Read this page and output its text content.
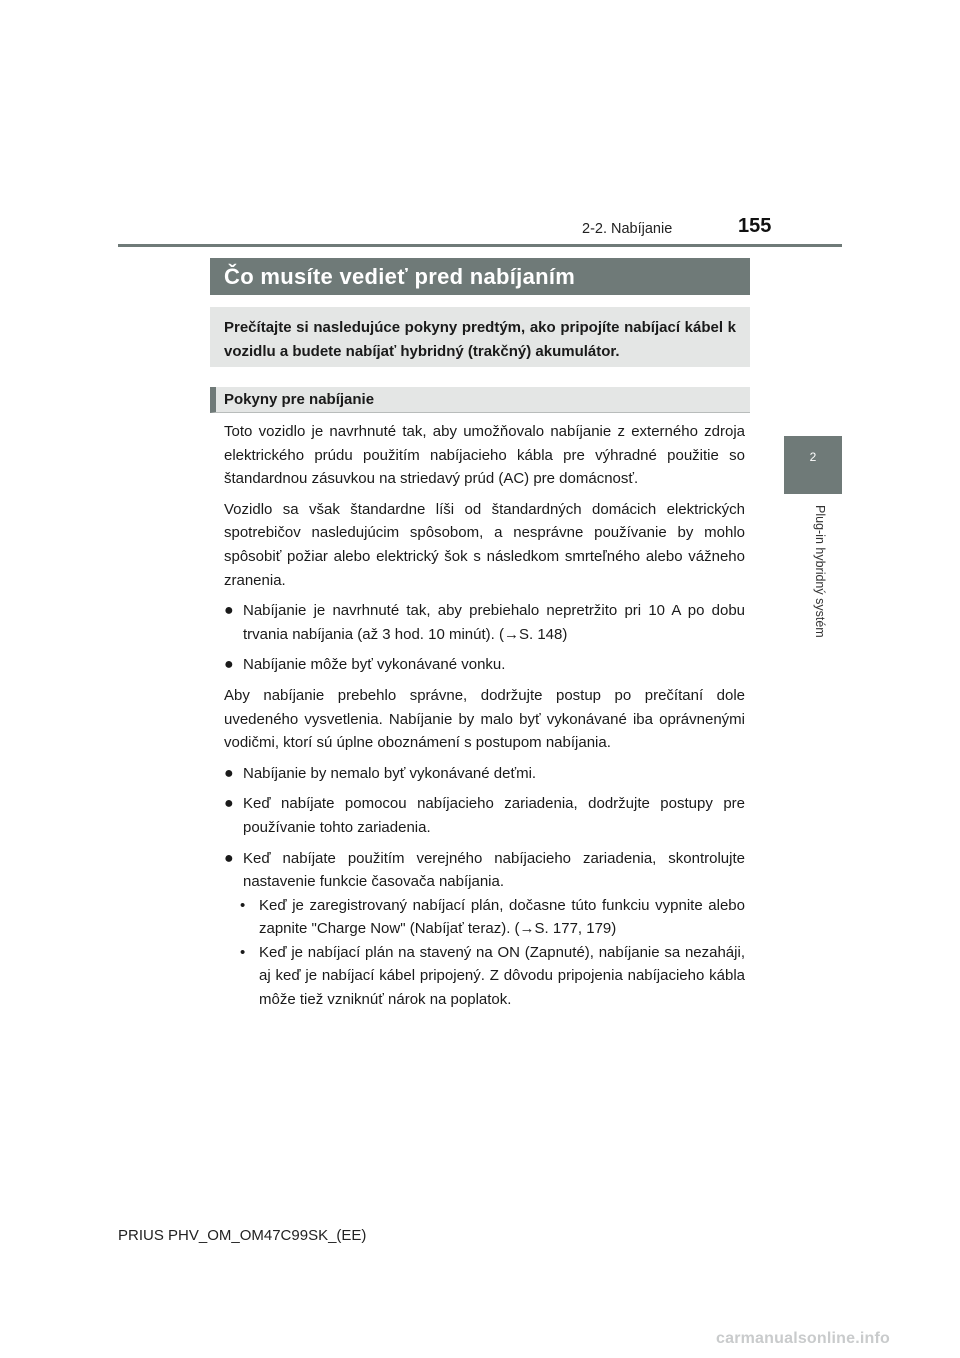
2-2. Nabíjanie	155
2
Plug-in hybridný systém
Čo musíte vedieť pred nabíjaním

Prečítajte si nasledujúce pokyny predtým, ako pripojíte nabíjací kábel k vozidlu a budete nabíjať hybridný (trakčný) akumulátor.

Pokyny pre nabíjanie

Toto vozidlo je navrhnuté tak, aby umožňovalo nabíjanie z externého zdroja elektrického prúdu použitím nabíjacieho kábla pre výhradné použitie so štandardnou zásuvkou na striedavý prúd (AC) pre domácnosť.

Vozidlo sa však štandardne líši od štandardných domácich elektrických spotrebičov nasledujúcim spôsobom, a nesprávne používanie by mohlo spôsobiť požiar alebo elektrický šok s následkom smrteľného alebo vážneho zranenia.

● Nabíjanie je navrhnuté tak, aby prebiehalo nepretržito pri 10 A po dobu trvania nabíjania (až 3 hod. 10 minút). (→S. 148)
● Nabíjanie môže byť vykonávané vonku.

Aby nabíjanie prebehlo správne, dodržujte postup po prečítaní dole uvedeného vysvetlenia. Nabíjanie by malo byť vykonávané iba oprávnenými vodičmi, ktorí sú úplne oboznámení s postupom nabíjania.

● Nabíjanie by nemalo byť vykonávané deťmi.
● Keď nabíjate pomocou nabíjacieho zariadenia, dodržujte postupy pre používanie tohto zariadenia.
● Keď nabíjate použitím verejného nabíjacieho zariadenia, skontrolujte nastavenie funkcie časovača nabíjania.
• Keď je zaregistrovaný nabíjací plán, dočasne túto funkciu vypnite alebo zapnite "Charge Now" (Nabíjať teraz). (→S. 177, 179)
• Keď je nabíjací plán na stavený na ON (Zapnuté), nabíjanie sa nezaháji, aj keď je nabíjací kábel pripojený. Z dôvodu pripojenia nabíjacieho kábla môže tiež vzniknúť nárok na poplatok.
PRIUS PHV_OM_OM47C99SK_(EE)
carmanualsonline.info
